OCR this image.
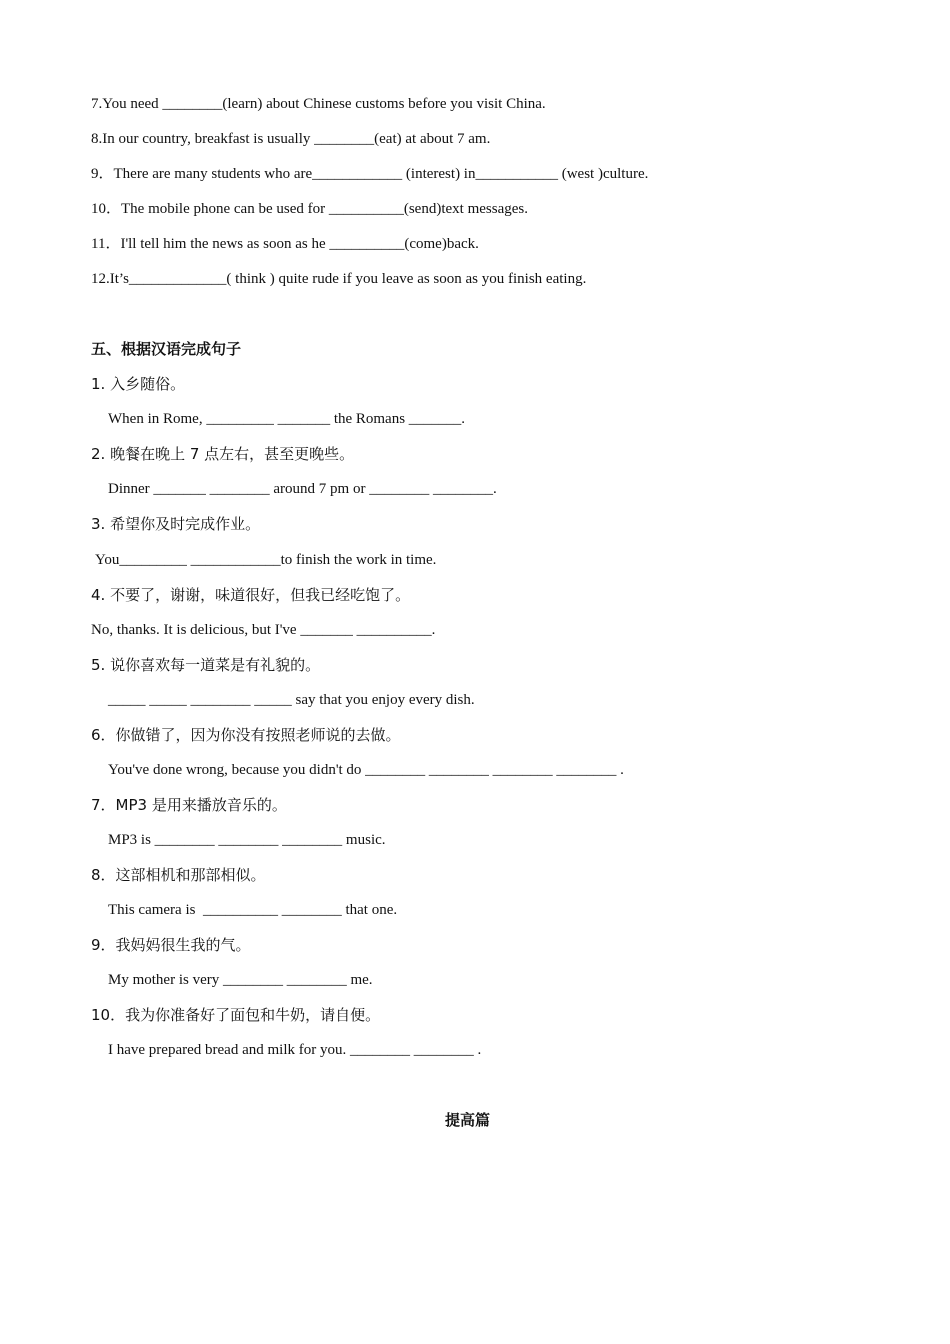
7.You need ________(learn) about Chinese customs before you visit China.
8.In our country, breakfast is usually ________(eat) at about 7 am.
9．There are many students who are____________ (interest) in___________ (west )culture.
10．The mobile phone can be used for __________(send)text messages.
11．I'll tell him the news as soon as he __________(come)back.
12.It’s_____________( think ) quite rude if you leave as soon as you finish eating.
五、根据汉语完成句子
1. 入乡随俗。
When in Rome, _________ _______ the Romans _______.
2. 晚餐在晚上 7 点左右，甚至更晚些。
Dinner _______ ________ around 7 pm or ________ ________.
3. 希望你及时完成作业。
You_________ ____________to finish the work in time.
4. 不要了，谢谢，味道很好，但我已经吃饱了。
No, thanks. It is delicious, but I've _______ __________.
5. 说你喜欢每一道菜是有礼貌的。
_____ _____ ________ _____ say that you enjoy every dish.
6．你做错了，因为你没有按照老师说的去做。
You've done wrong, because you didn't do ________ ________ ________ ________ .
7．MP3 是用来播放音乐的。
MP3 is ________ ________ ________ music.
8．这部相机和那部相似。
This camera is  __________ ________ that one.
9．我妈妈很生我的气。
My mother is very ________ ________ me.
10．我为你准备好了面包和牛奶，请自便。
I have prepared bread and milk for you. ________ ________ .
提高篇
